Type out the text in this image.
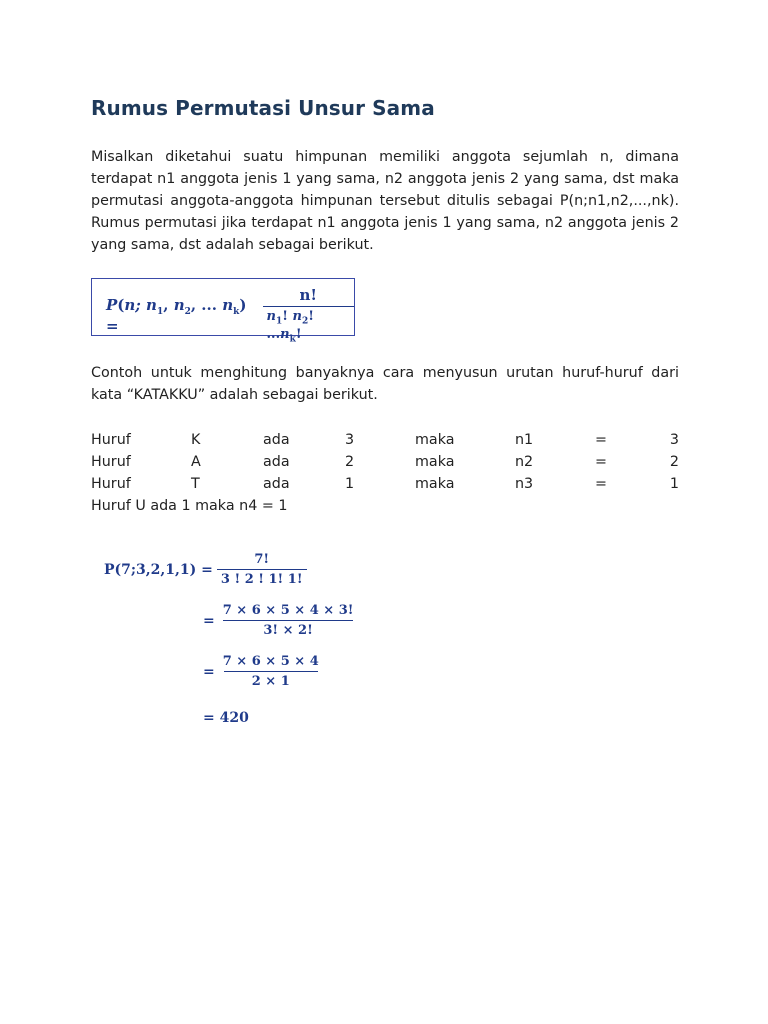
Rumus Permutasi Unsur Sama

Misalkan diketahui suatu himpunan memiliki anggota sejumlah n, dimana terdapat n1 anggota jenis 1 yang sama, n2 anggota jenis 2 yang sama, dst maka permutasi anggota-anggota himpunan tersebut ditulis sebagai P(n;n1,n2,...,nk). Rumus permutasi jika terdapat n1 anggota jenis 1 yang sama, n2 anggota jenis 2 yang sama, dst adalah sebagai berikut.

P(n; $n_1$, $n_2$, ... $n_k$) =	$\frac{n!}{n_1! n_2! ...n_k!}$

Contoh untuk menghitung banyaknya cara menyusun urutan huruf-huruf dari kata “KATAKKU” adalah sebagai berikut.

Huruf	K	ada	3	maka	n1	=	3
Huruf	A	ada	2	maka	n2	=	2
Huruf	T	ada	1	maka	n3	=	1
Huruf U ada 1 maka n4 = 1
P(7;3,2,1,1) = $\frac{7!}{3 ! 2 ! 1! 1!}$
= $\frac{7 \times 6 \times 5 \times 4 \times 3!}{3! \times 2!}$
= $\frac{7 \times 6 \times 5 \times 4}{2 \times 1}$
= 420
